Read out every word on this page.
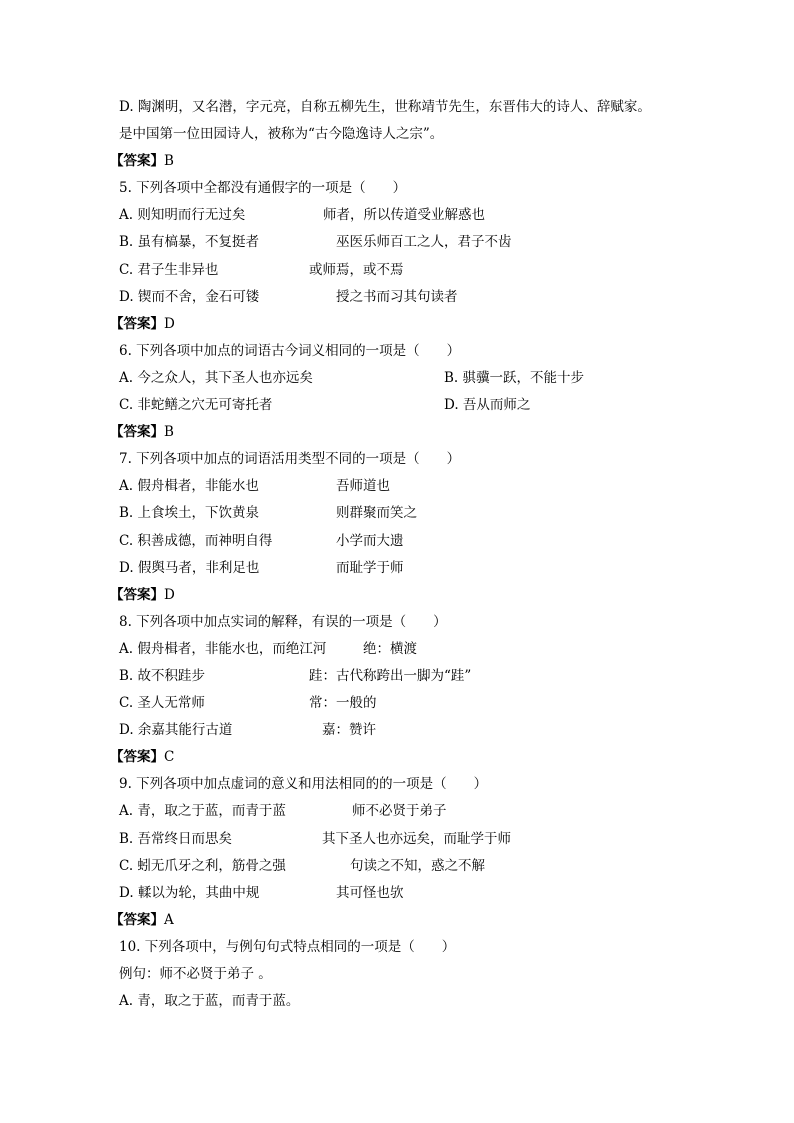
D. 陶渊明，又名潜，字元亮，自称五柳先生，世称靖节先生，东晋伟大的诗人、辞赋家。
是中国第一位田园诗人，被称为“古今隐逸诗人之宗”。
【答案】B
5. 下列各项中全都没有通假字的一项是（　　）
A. 则知明而行无过矣	师者，所以传道受业解惑也
B. 虽有槁暴，不复挺者	巫医乐师百工之人，君子不齿
C. 君子生非异也	或师焉，或不焉
D. 锲而不舍，金石可镂	授之书而习其句读者
【答案】D
6. 下列各项中加点的词语古今词义相同的一项是（　　）
A. 今之众人，其下圣人也亦远矣	B. 骐骥一跃，不能十步
C. 非蛇鳝之穴无可寄托者	D. 吾从而师之
【答案】B
7. 下列各项中加点的词语活用类型不同的一项是（　　）
A. 假舟楫者，非能水也	吾师道也
B. 上食埃土，下饮黄泉	则群聚而笑之
C. 积善成德，而神明自得	小学而大遗
D. 假舆马者，非利足也	而耻学于师
【答案】D
8. 下列各项中加点实词的解释，有误的一项是（　　）
A. 假舟楫者，非能水也，而绝江河	绝：横渡
B. 故不积跬步	跬：古代称跨出一脚为“跬”
C. 圣人无常师	常：一般的
D. 余嘉其能行古道	嘉：赞许
【答案】C
9. 下列各项中加点虚词的意义和用法相同的的一项是（　　）
A. 青，取之于蓝，而青于蓝	师不必贤于弟子
B. 吾常终日而思矣	其下圣人也亦远矣，而耻学于师
C. 蚓无爪牙之利，筋骨之强	句读之不知，惑之不解
D. 輮以为轮，其曲中规	其可怪也欤
【答案】A
10. 下列各项中，与例句句式特点相同的一项是（　　）
例句：师不必贤于弟子 。
A. 青，取之于蓝，而青于蓝。
